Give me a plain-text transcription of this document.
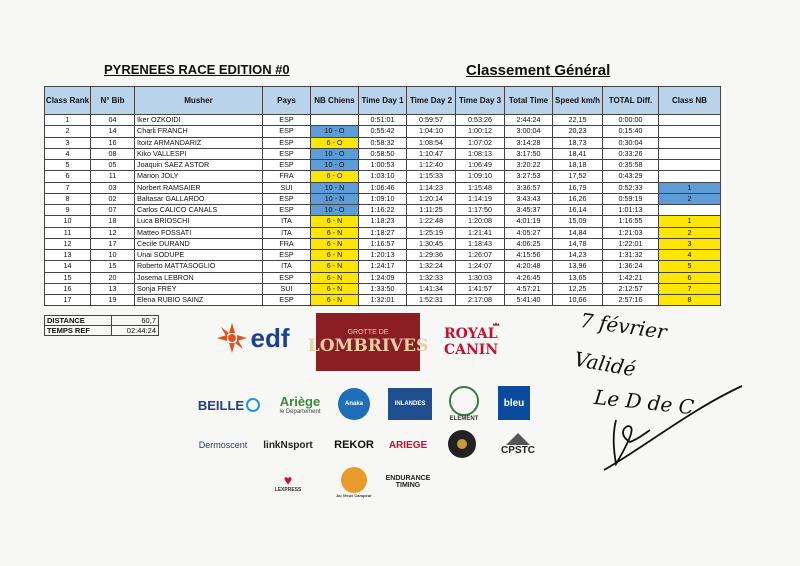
PYRENEES RACE EDITION #0	Classement Général
Class Rank	N° Bib	Musher	Pays	NB Chiens	Time Day 1	Time Day 2	Time Day 3	Total Time	Speed km/h	TOTAL Diff.	Class NB
1	04	Iker OZKOIDI	ESP		0:51:01	0:59:57	0:53:26	2:44:24	22,15	0:00:00	
2	14	Charli FRANCH	ESP	10 - O	0:55:42	1:04:10	1:00:12	3:00:04	20,23	0:15:40	
3	16	Itoitz ARMANDARIZ	ESP	6 - O	0:58:32	1:08:54	1:07:02	3:14:28	18,73	0:30:04	
4	08	Kiko VALLESPI	ESP	10 - O	0:58:50	1:10:47	1:08:13	3:17:50	18,41	0:33:26	
5	05	Joaquin SAEZ ASTOR	ESP	10 - O	1:00:53	1:12:40	1:06:49	3:20:22	18,18	0:35:58	
6	11	Marion JOLY	FRA	6 - O	1:03:10	1:15:33	1:09:10	3:27:53	17,52	0:43:29	
7	03	Norbert RAMSAIER	SUI	10 - N	1:06:46	1:14:23	1:15:48	3:36:57	16,79	0:52:33	1
8	02	Baltasar GALLARDO	ESP	10 - N	1:09:10	1:20:14	1:14:19	3:43:43	16,26	0:59:19	2
9	07	Carlos CALICO CANALS	ESP	10 - O	1:16:22	1:11:25	1:17:50	3:45:37	16,14	1:01:13	
10	18	Luca BRIOSCHI	ITA	6 - N	1:18:23	1:22:48	1:20:08	4:01:19	15,09	1:16:55	1
11	12	Matteo FOSSATI	ITA	6 - N	1:18:27	1:25:19	1:21:41	4:05:27	14,84	1:21:03	2
12	17	Cecile DURAND	FRA	6 - N	1:16:57	1:30:45	1:18:43	4:06:25	14,78	1:22:01	3
13	10	Unai SODUPE	ESP	6 - N	1:20:13	1:29:36	1:26:07	4:15:56	14,23	1:31:32	4
14	15	Roberto MATTASOGLIO	ITA	6 - N	1:24:17	1:32:24	1:24:07	4:20:48	13,96	1:36:24	5
15	20	Josema LEBRON	ESP	6 - N	1:24:09	1:32:33	1:30:03	4:26:45	13,65	1:42:21	6
16	13	Sonja FREY	SUI	6 - N	1:33:50	1:41:34	1:41:57	4:57:21	12,25	2:12:57	7
17	19	Elena RUBIO SAINZ	ESP	6 - N	1:32:01	1:52:31	2:17:08	5:41:40	10,66	2:57:16	8
DISTANCE	60,7
TEMPS REF	02:44:24	edf	GROTTE DE
LOMBRIVES
ROYAL CANIN
BEILLE	Ariège
le Département
Anaka	INLANDES
ELEMENT
bleu
Dermoscent linkNsport REKOR ARIEGE	CPSTC
♥
LEXPRESS
Au Vieux Campeur
ENDURANCE TIMING
7 février
Validé
Le D de C
